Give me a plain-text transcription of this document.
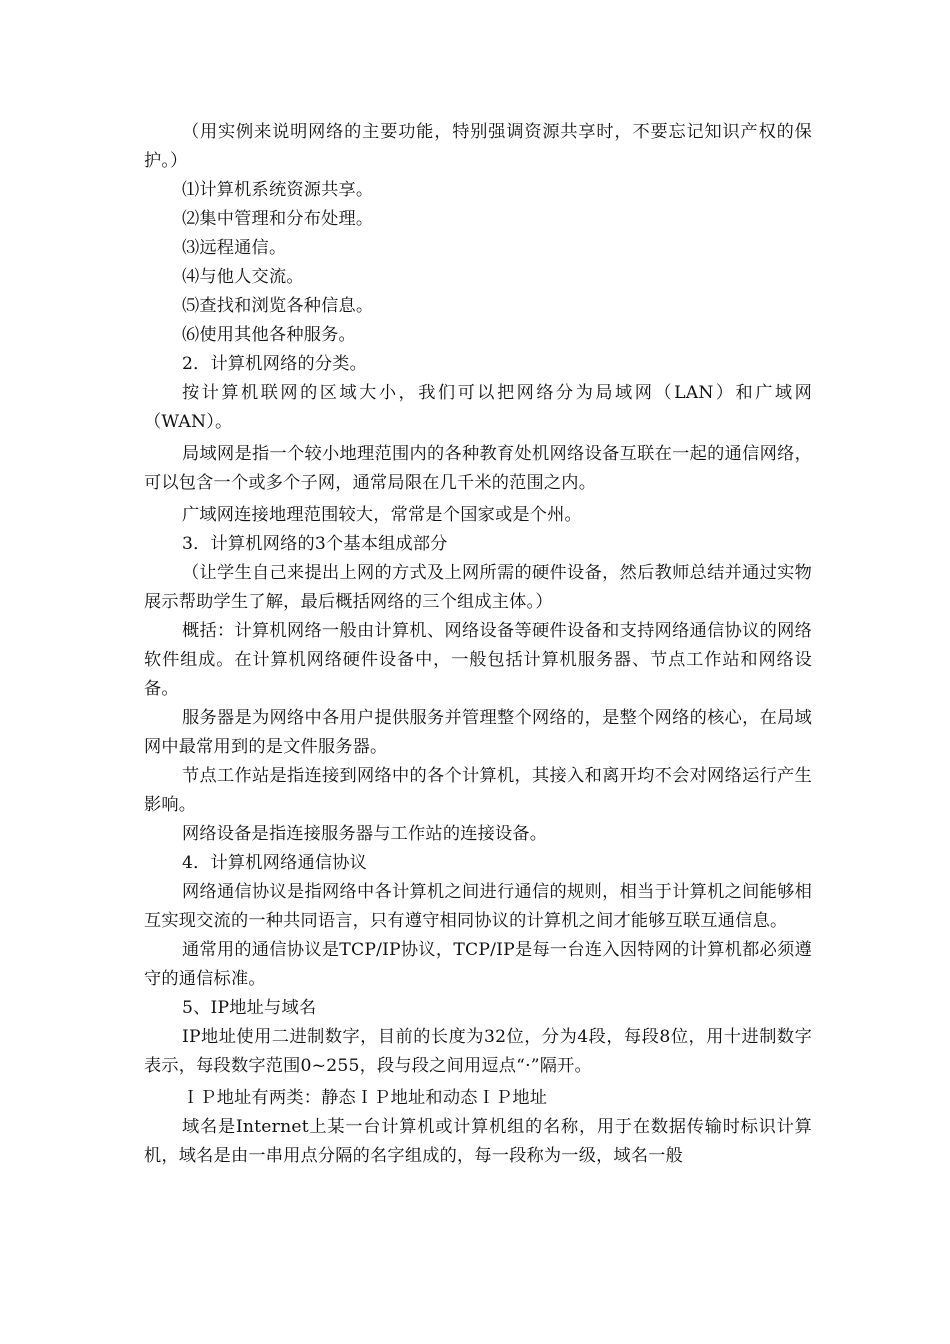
（用实例来说明网络的主要功能，特别强调资源共享时，不要忘记知识产权的保护。）

⑴计算机系统资源共享。

⑵集中管理和分布处理。

⑶远程通信。

⑷与他人交流。

⑸查找和浏览各种信息。

⑹使用其他各种服务。

2．计算机网络的分类。

按计算机联网的区域大小，我们可以把网络分为局域网（LAN）和广域网（WAN）。

局域网是指一个较小地理范围内的各种教育处机网络设备互联在一起的通信网络，可以包含一个或多个子网，通常局限在几千米的范围之内。

广域网连接地理范围较大，常常是个国家或是个州。

3．计算机网络的3个基本组成部分

（让学生自己来提出上网的方式及上网所需的硬件设备，然后教师总结并通过实物展示帮助学生了解，最后概括网络的三个组成主体。）

概括：计算机网络一般由计算机、网络设备等硬件设备和支持网络通信协议的网络软件组成。在计算机网络硬件设备中，一般包括计算机服务器、节点工作站和网络设备。

服务器是为网络中各用户提供服务并管理整个网络的，是整个网络的核心，在局域网中最常用到的是文件服务器。

节点工作站是指连接到网络中的各个计算机，其接入和离开均不会对网络运行产生影响。

网络设备是指连接服务器与工作站的连接设备。

4．计算机网络通信协议

网络通信协议是指网络中各计算机之间进行通信的规则，相当于计算机之间能够相互实现交流的一种共同语言，只有遵守相同协议的计算机之间才能够互联互通信息。

通常用的通信协议是TCP/IP协议，TCP/IP是每一台连入因特网的计算机都必须遵守的通信标准。

5、IP地址与域名

IP地址使用二进制数字，目前的长度为32位，分为4段，每段8位，用十进制数字表示，每段数字范围0~255，段与段之间用逗点“·”隔开。

ＩＰ地址有两类：静态ＩＰ地址和动态ＩＰ地址

域名是Internet上某一台计算机或计算机组的名称，用于在数据传输时标识计算机，域名是由一串用点分隔的名字组成的，每一段称为一级，域名一般
